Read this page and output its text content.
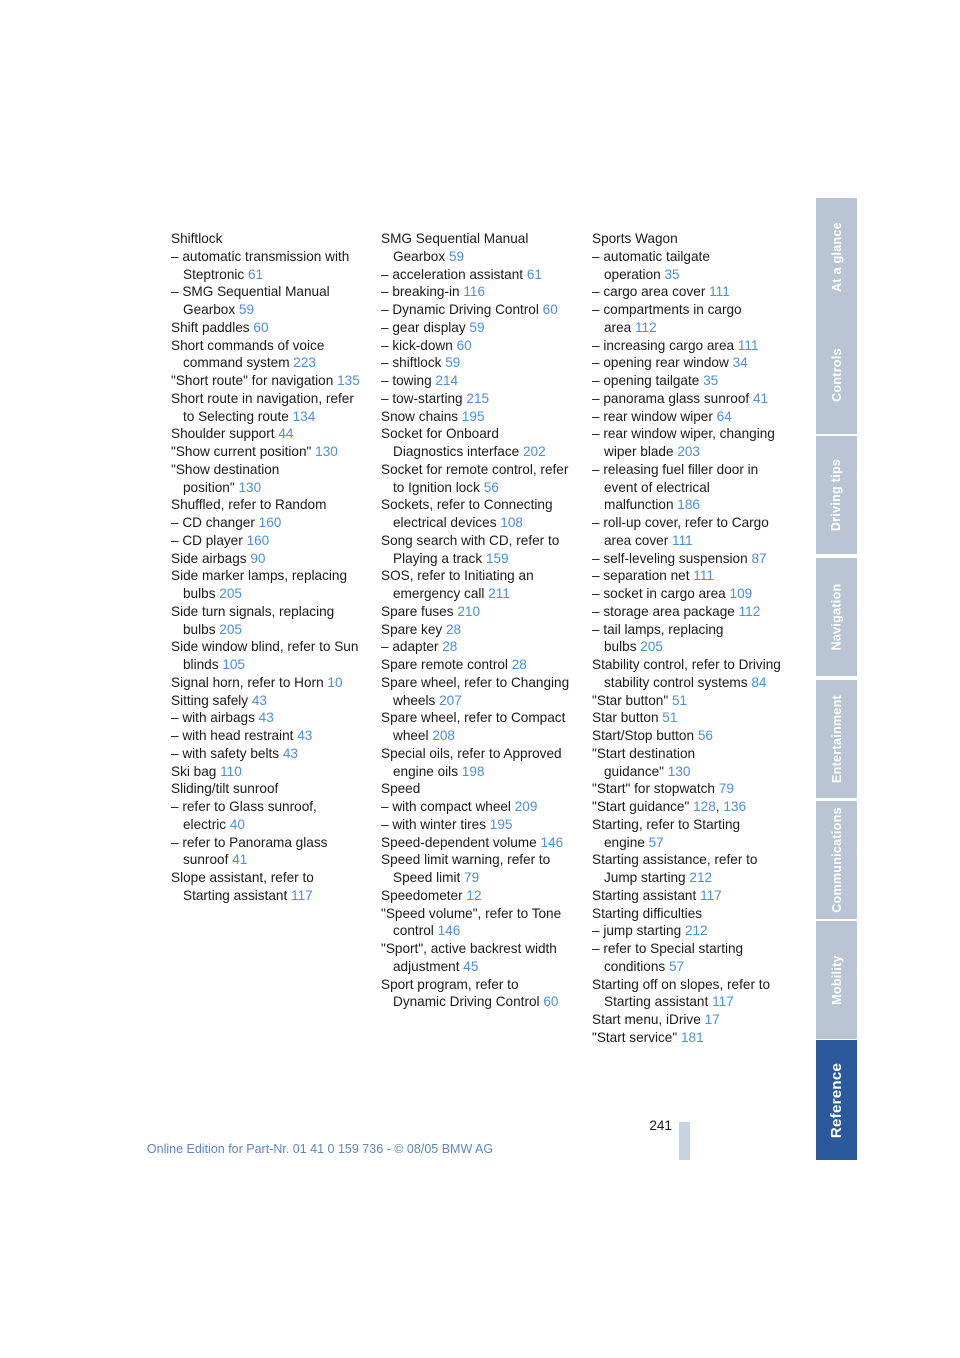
Shiftlock
– automatic transmission with Steptronic 61
– SMG Sequential Manual Gearbox 59
Shift paddles 60
Short commands of voice command system 223
"Short route" for navigation 135
Short route in navigation, refer to Selecting route 134
Shoulder support 44
"Show current position" 130
"Show destination position" 130
Shuffled, refer to Random
– CD changer 160
– CD player 160
Side airbags 90
Side marker lamps, replacing bulbs 205
Side turn signals, replacing bulbs 205
Side window blind, refer to Sun blinds 105
Signal horn, refer to Horn 10
Sitting safely 43
– with airbags 43
– with head restraint 43
– with safety belts 43
Ski bag 110
Sliding/tilt sunroof
– refer to Glass sunroof, electric 40
– refer to Panorama glass sunroof 41
Slope assistant, refer to Starting assistant 117
SMG Sequential Manual Gearbox 59
– acceleration assistant 61
– breaking-in 116
– Dynamic Driving Control 60
– gear display 59
– kick-down 60
– shiftlock 59
– towing 214
– tow-starting 215
Snow chains 195
Socket for Onboard Diagnostics interface 202
Socket for remote control, refer to Ignition lock 56
Sockets, refer to Connecting electrical devices 108
Song search with CD, refer to Playing a track 159
SOS, refer to Initiating an emergency call 211
Spare fuses 210
Spare key 28
– adapter 28
Spare remote control 28
Spare wheel, refer to Changing wheels 207
Spare wheel, refer to Compact wheel 208
Special oils, refer to Approved engine oils 198
Speed
– with compact wheel 209
– with winter tires 195
Speed-dependent volume 146
Speed limit warning, refer to Speed limit 79
Speedometer 12
"Speed volume", refer to Tone control 146
"Sport", active backrest width adjustment 45
Sport program, refer to Dynamic Driving Control 60
Sports Wagon
– automatic tailgate operation 35
– cargo area cover 111
– compartments in cargo area 112
– increasing cargo area 111
– opening rear window 34
– opening tailgate 35
– panorama glass sunroof 41
– rear window wiper 64
– rear window wiper, changing wiper blade 203
– releasing fuel filler door in event of electrical malfunction 186
– roll-up cover, refer to Cargo area cover 111
– self-leveling suspension 87
– separation net 111
– socket in cargo area 109
– storage area package 112
– tail lamps, replacing bulbs 205
Stability control, refer to Driving stability control systems 84
"Star button" 51
Star button 51
Start/Stop button 56
"Start destination guidance" 130
"Start" for stopwatch 79
"Start guidance" 128, 136
Starting, refer to Starting engine 57
Starting assistance, refer to Jump starting 212
Starting assistant 117
Starting difficulties
– jump starting 212
– refer to Special starting conditions 57
Starting off on slopes, refer to Starting assistant 117
Start menu, iDrive 17
"Start service" 181
At a glance
Controls
Driving tips
Navigation
Entertainment
Communications
Mobility
Reference
241
Online Edition for Part-Nr. 01 41 0 159 736 - © 08/05 BMW AG
